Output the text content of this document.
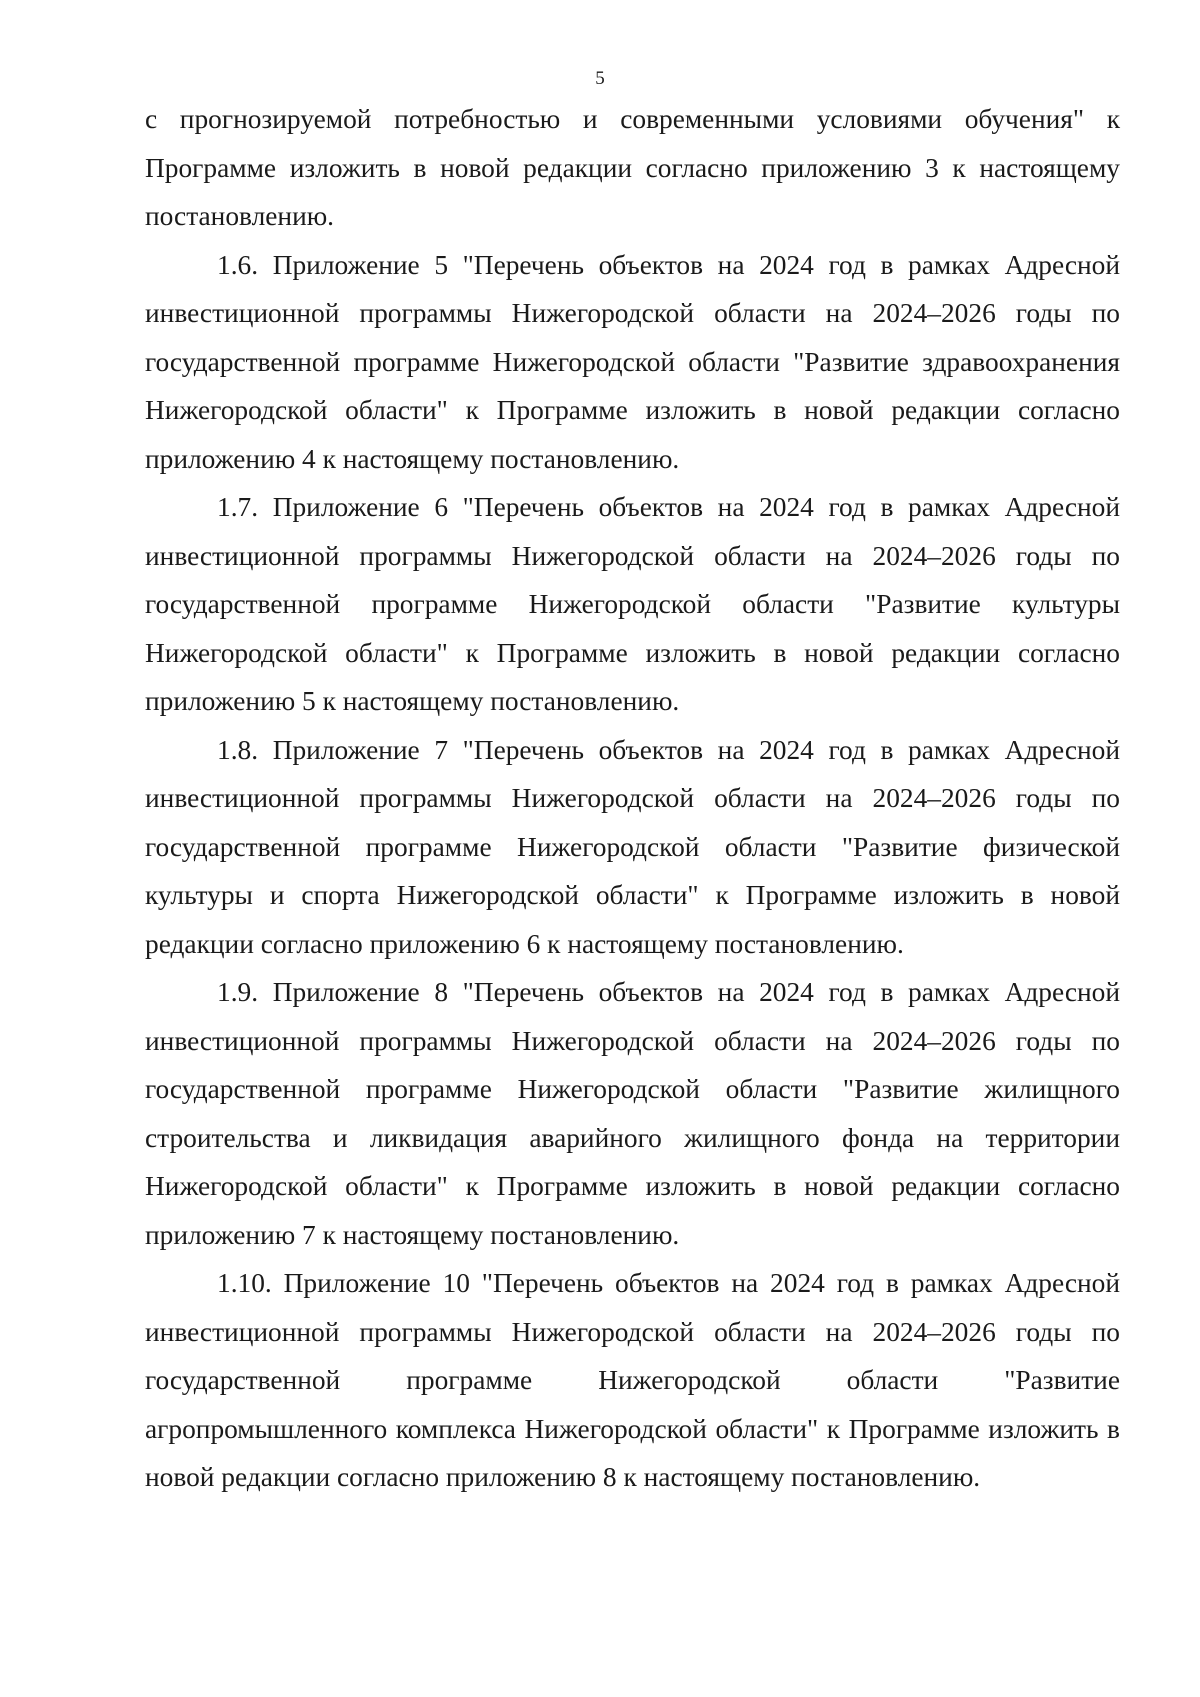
5

с прогнозируемой потребностью и современными условиями обучения" к Программе изложить в новой редакции согласно приложению 3 к настоящему постановлению.

1.6. Приложение 5 "Перечень объектов на 2024 год в рамках Адресной инвестиционной программы Нижегородской области на 2024–2026 годы по государственной программе Нижегородской области "Развитие здравоохранения Нижегородской области" к Программе изложить в новой редакции согласно приложению 4 к настоящему постановлению.

1.7. Приложение 6 "Перечень объектов на 2024 год в рамках Адресной инвестиционной программы Нижегородской области на 2024–2026 годы по государственной программе Нижегородской области "Развитие культуры Нижегородской области" к Программе изложить в новой редакции согласно приложению 5 к настоящему постановлению.

1.8. Приложение 7 "Перечень объектов на 2024 год в рамках Адресной инвестиционной программы Нижегородской области на 2024–2026 годы по государственной программе Нижегородской области "Развитие физической культуры и спорта Нижегородской области" к Программе изложить в новой редакции согласно приложению 6 к настоящему постановлению.

1.9. Приложение 8 "Перечень объектов на 2024 год в рамках Адресной инвестиционной программы Нижегородской области на 2024–2026 годы по государственной программе Нижегородской области "Развитие жилищного строительства и ликвидация аварийного жилищного фонда на территории Нижегородской области" к Программе изложить в новой редакции согласно приложению 7 к настоящему постановлению.

1.10. Приложение 10 "Перечень объектов на 2024 год в рамках Адресной инвестиционной программы Нижегородской области на 2024–2026 годы по государственной программе Нижегородской области "Развитие агропромышленного комплекса Нижегородской области" к Программе изложить в новой редакции согласно приложению 8 к настоящему постановлению.
